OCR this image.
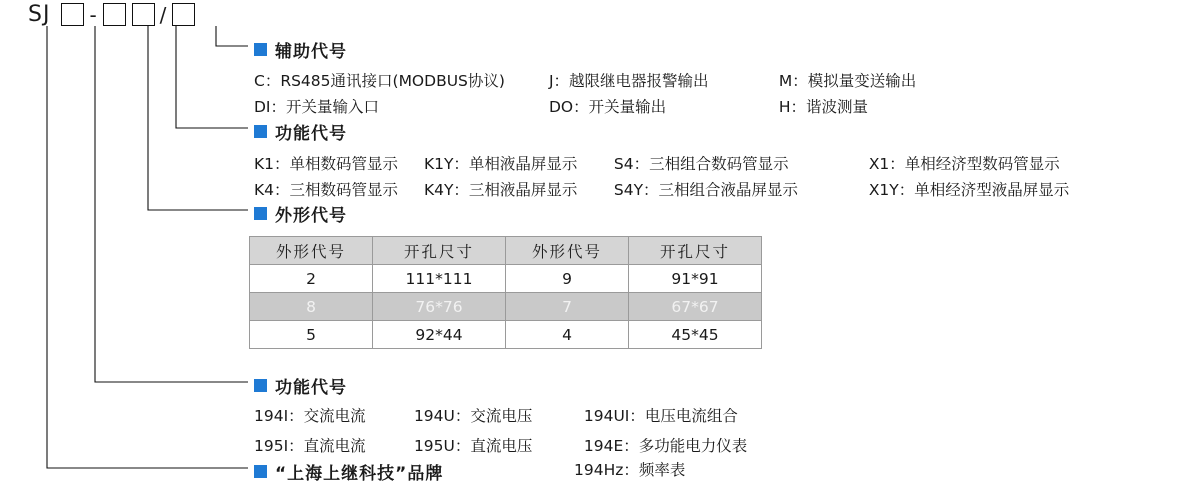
SJ -	/
辅助代号
C：RS485通讯接口(MODBUS协议)	J：越限继电器报警输出	M：模拟量变送输出
DI：开关量输入口	DO：开关量输出	H：谐波测量
功能代号
K1：单相数码管显示 K1Y：单相液晶屏显示 S4：三相组合数码管显示	X1：单相经济型数码管显示
K4：三相数码管显示 K4Y：三相液晶屏显示 S4Y：三相组合液晶屏显示	X1Y：单相经济型液晶屏显示
外形代号
外形代号	开孔尺寸	外形代号	开孔尺寸
2	111*111	9	91*91
8	76*76	7	67*67
5	92*44	4	45*45
功能代号
194I：交流电流	194U：交流电压	194UI：电压电流组合
195I：直流电流	195U：直流电压	194E：多功能电力仪表
194Hz：频率表
“上海上继科技”品牌
